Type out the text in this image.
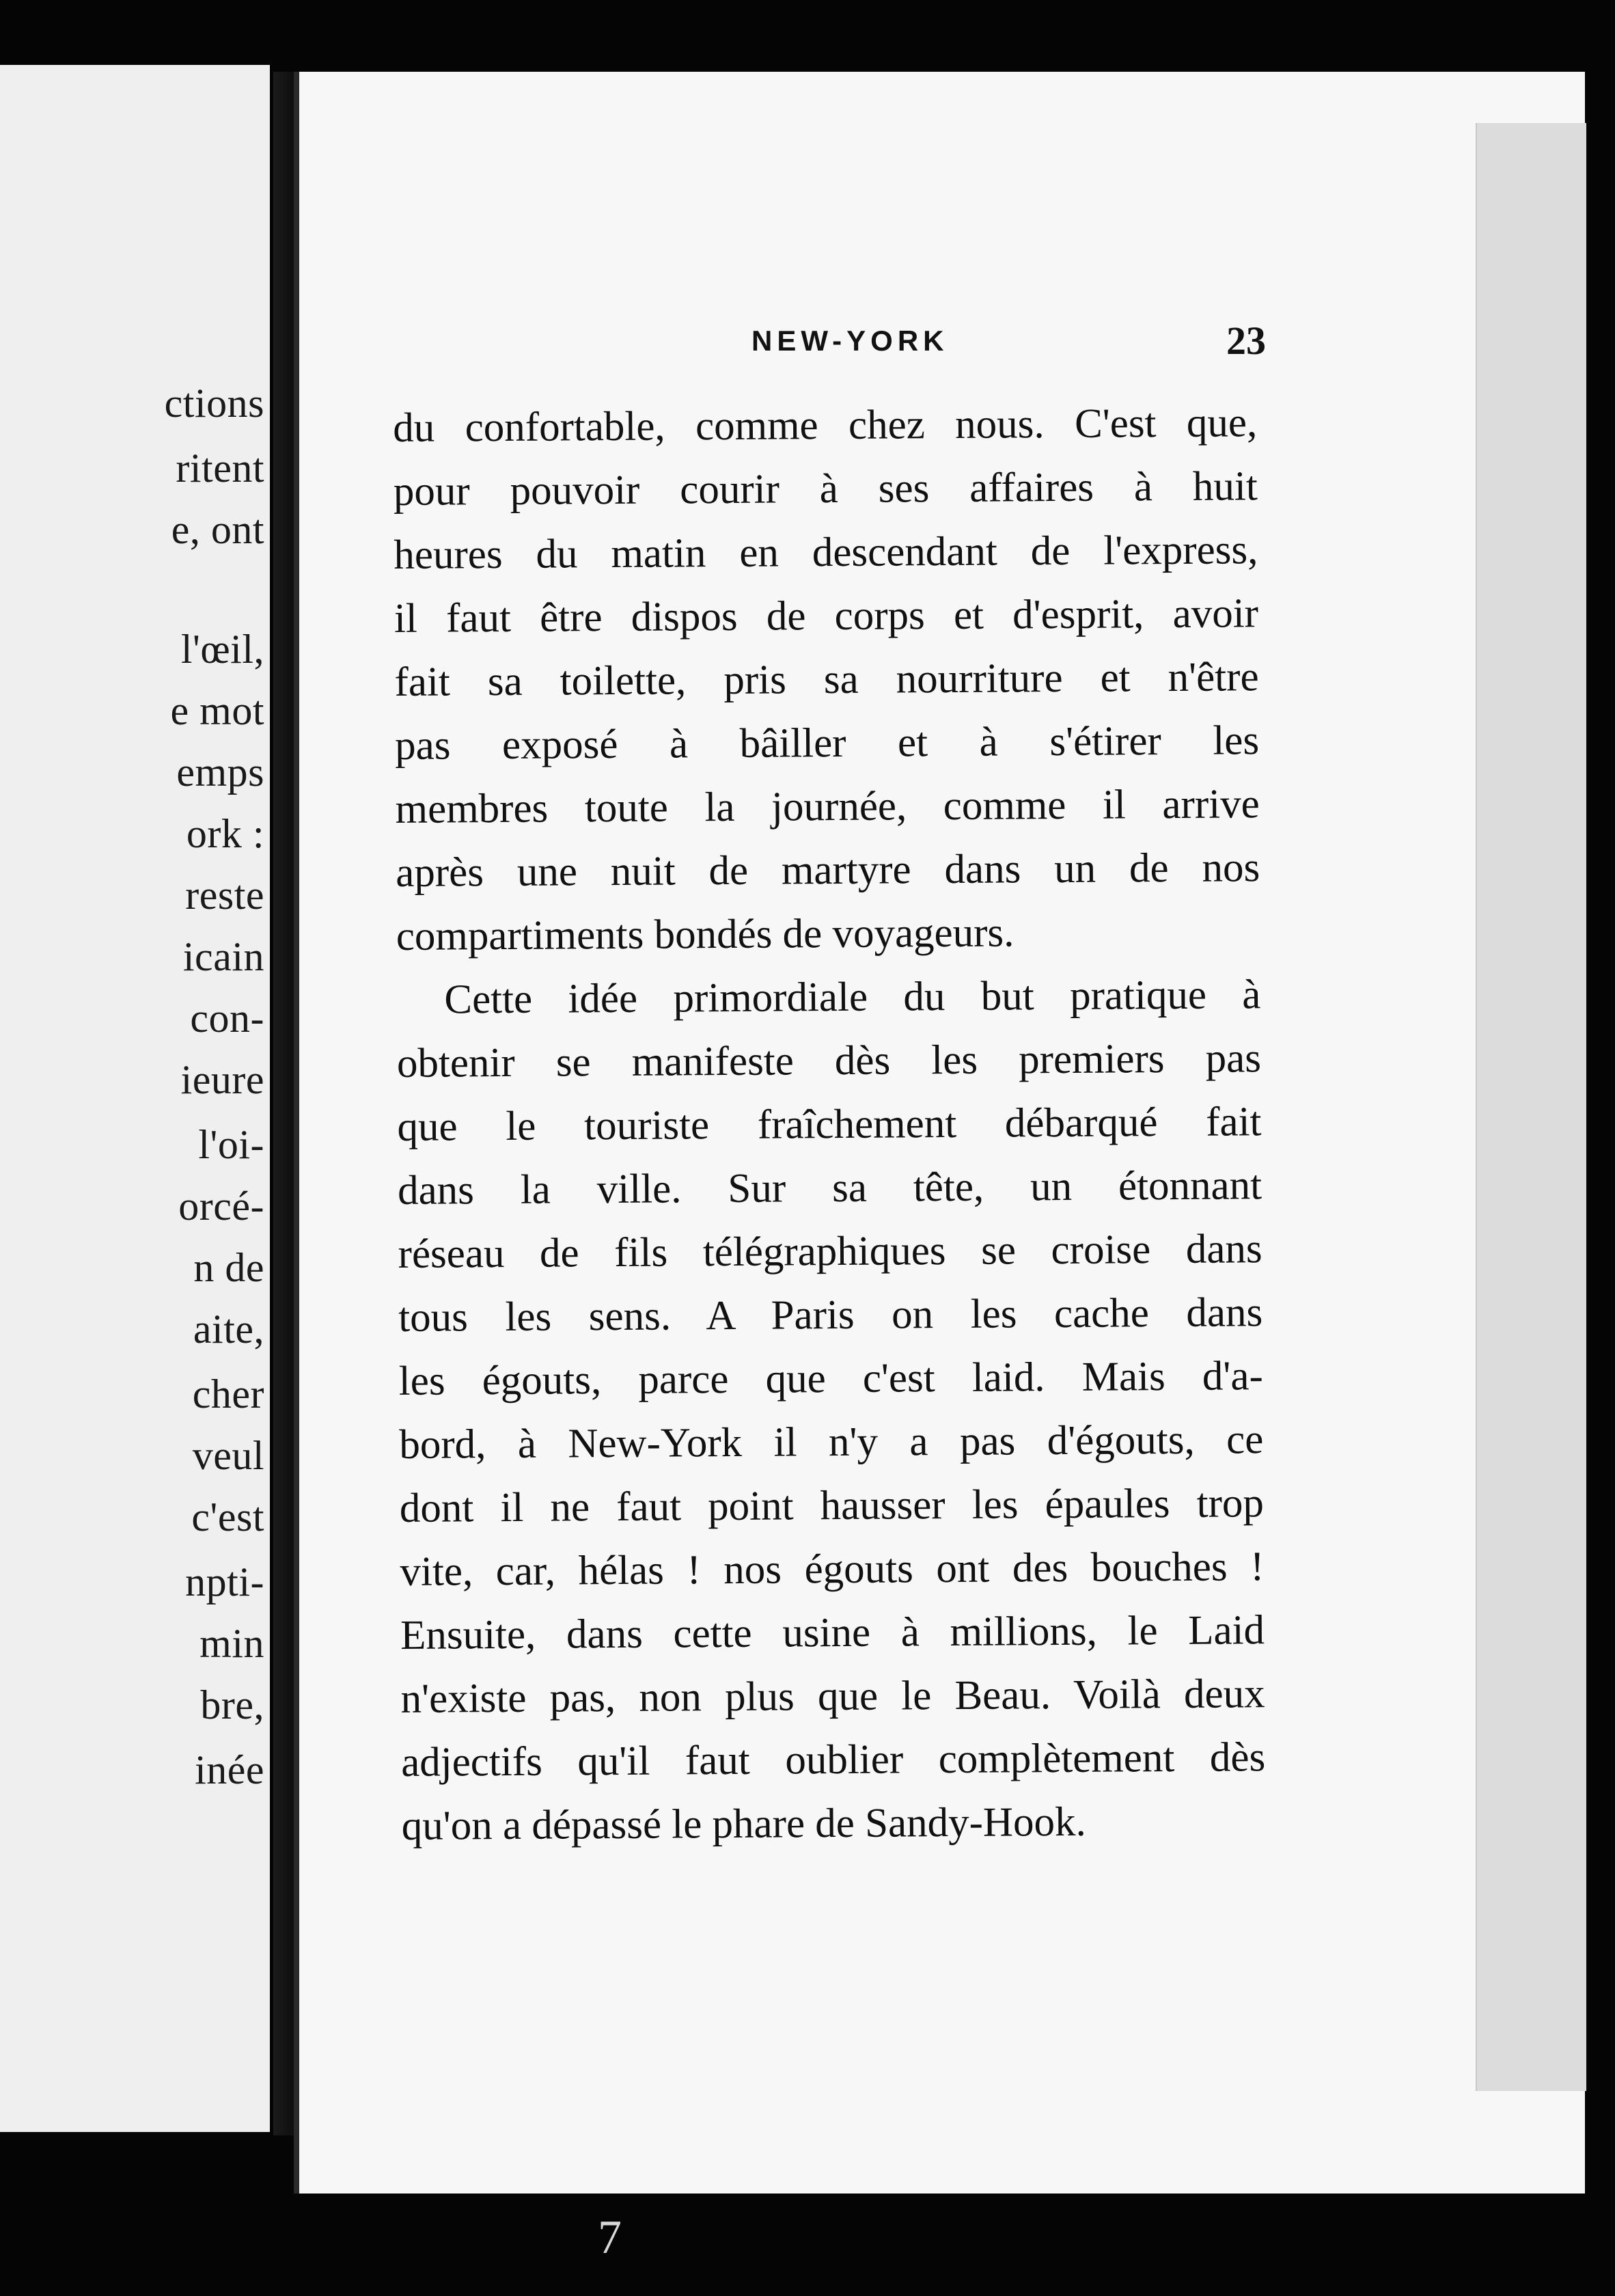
ctions
ritent
e, ont
l'œil,
e mot
emps
ork :
reste
icain
con-
ieure
l'oi-
orcé-
n de
aite,
cher
veul
c'est
npti-
min
bre,
inée
NEW-YORK	23
du confortable, comme chez nous. C'est que,
pour pouvoir courir à ses affaires à huit
heures du matin en descendant de l'express,
il faut être dispos de corps et d'esprit, avoir
fait sa toilette, pris sa nourriture et n'être
pas exposé à bâiller et à s'étirer les
membres toute la journée, comme il arrive
après une nuit de martyre dans un de nos
compartiments bondés de voyageurs.
Cette idée primordiale du but pratique à
obtenir se manifeste dès les premiers pas
que le touriste fraîchement débarqué fait
dans la ville. Sur sa tête, un étonnant
réseau de fils télégraphiques se croise dans
tous les sens. A Paris on les cache dans
les égouts, parce que c'est laid. Mais d'a-
bord, à New-York il n'y a pas d'égouts, ce
dont il ne faut point hausser les épaules trop
vite, car, hélas ! nos égouts ont des bouches !
Ensuite, dans cette usine à millions, le Laid
n'existe pas, non plus que le Beau. Voilà deux
adjectifs qu'il faut oublier complètement dès
qu'on a dépassé le phare de Sandy-Hook.
7
